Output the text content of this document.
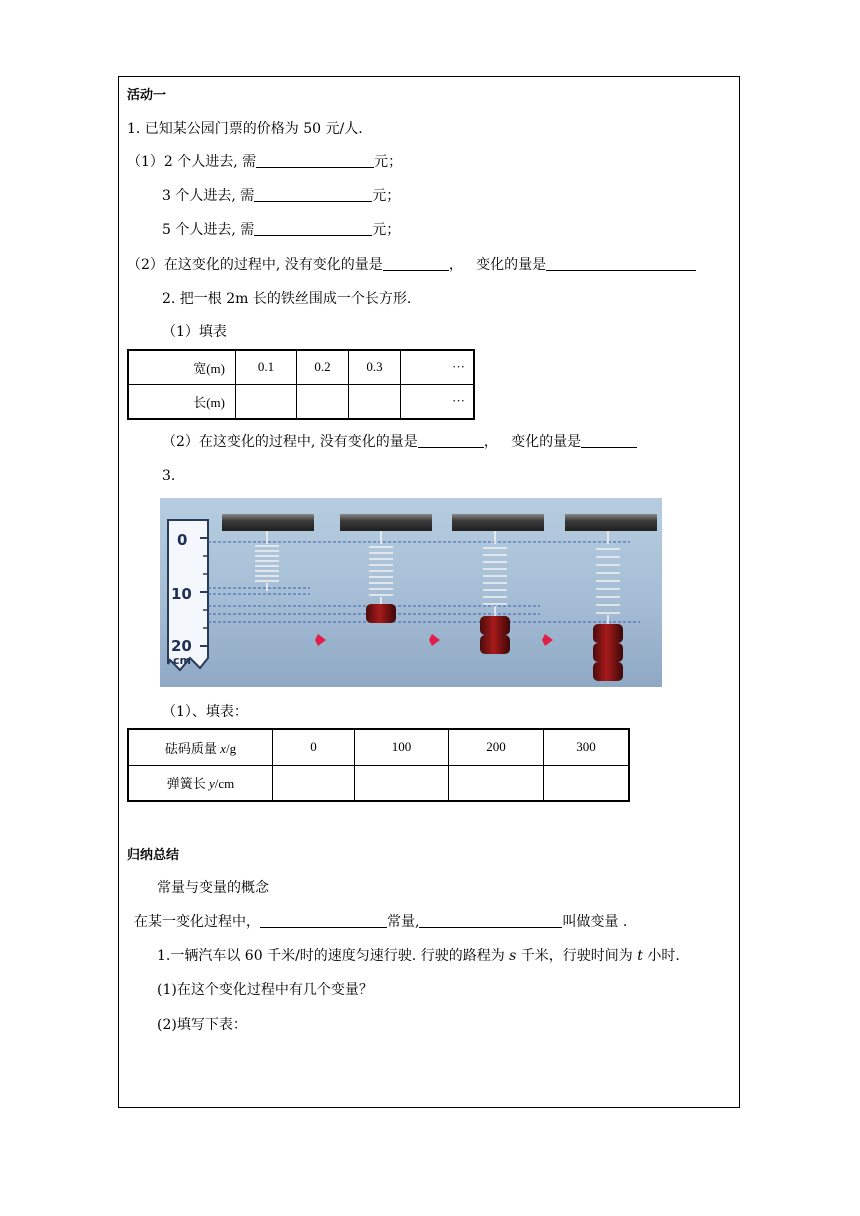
活动一
1. 已知某公园门票的价格为 50 元/人.
（1）2 个人进去, 需	元；
3 个人进去, 需	元；
5 个人进去, 需	元；
（2）在这变化的过程中, 没有变化的量是	， 变化的量是
2. 把一根 2m 长的铁丝围成一个长方形.
（1）填表
宽(m)	0.1	0.2	0.3	···
长(m)				···
（2）在这变化的过程中, 没有变化的量是	， 变化的量是
3.
0
10
20
cm
（1）、填表：
砝码质量 x/g	0	100	200	300
弹簧长 y/cm				
归纳总结
常量与变量的概念
在某一变化过程中，	常量,	叫做变量 .
1.一辆汽车以 60 千米/时的速度匀速行驶. 行驶的路程为 s 千米，行驶时间为 t 小时.
(1)在这个变化过程中有几个变量？
(2)填写下表：
